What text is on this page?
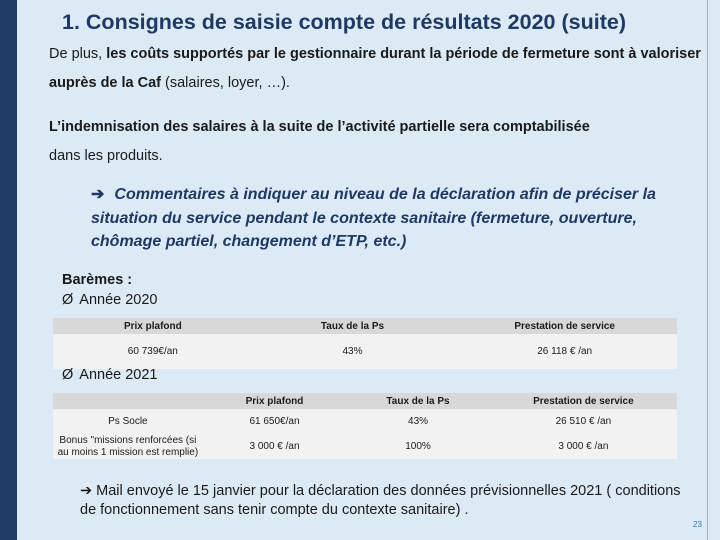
1. Consignes de saisie compte de résultats 2020 (suite)
De plus, les coûts supportés par le gestionnaire durant la période de fermeture sont à valoriser auprès de la Caf (salaires, loyer, …).
L’indemnisation des salaires à la suite de l’activité partielle sera comptabilisée
dans les produits.
➔ Commentaires à indiquer au niveau de la déclaration afin de préciser la situation du service pendant le contexte sanitaire (fermeture, ouverture, chômage partiel, changement d’ETP, etc.)
Barèmes :
Ø Année 2020
Prix plafond	Taux de la Ps	Prestation de service
60 739€/an	43%	26 118 € /an
Ø Année 2021
	Prix plafond	Taux de la Ps	Prestation de service
Ps Socle	61 650€/an	43%	26 510 € /an
Bonus "missions renforcées (si au moins 1 mission est remplie)	3 000 € /an	100%	3 000 € /an
➔ Mail envoyé le 15 janvier pour la déclaration des données prévisionnelles 2021 ( conditions de fonctionnement sans tenir compte du contexte sanitaire) .
23
